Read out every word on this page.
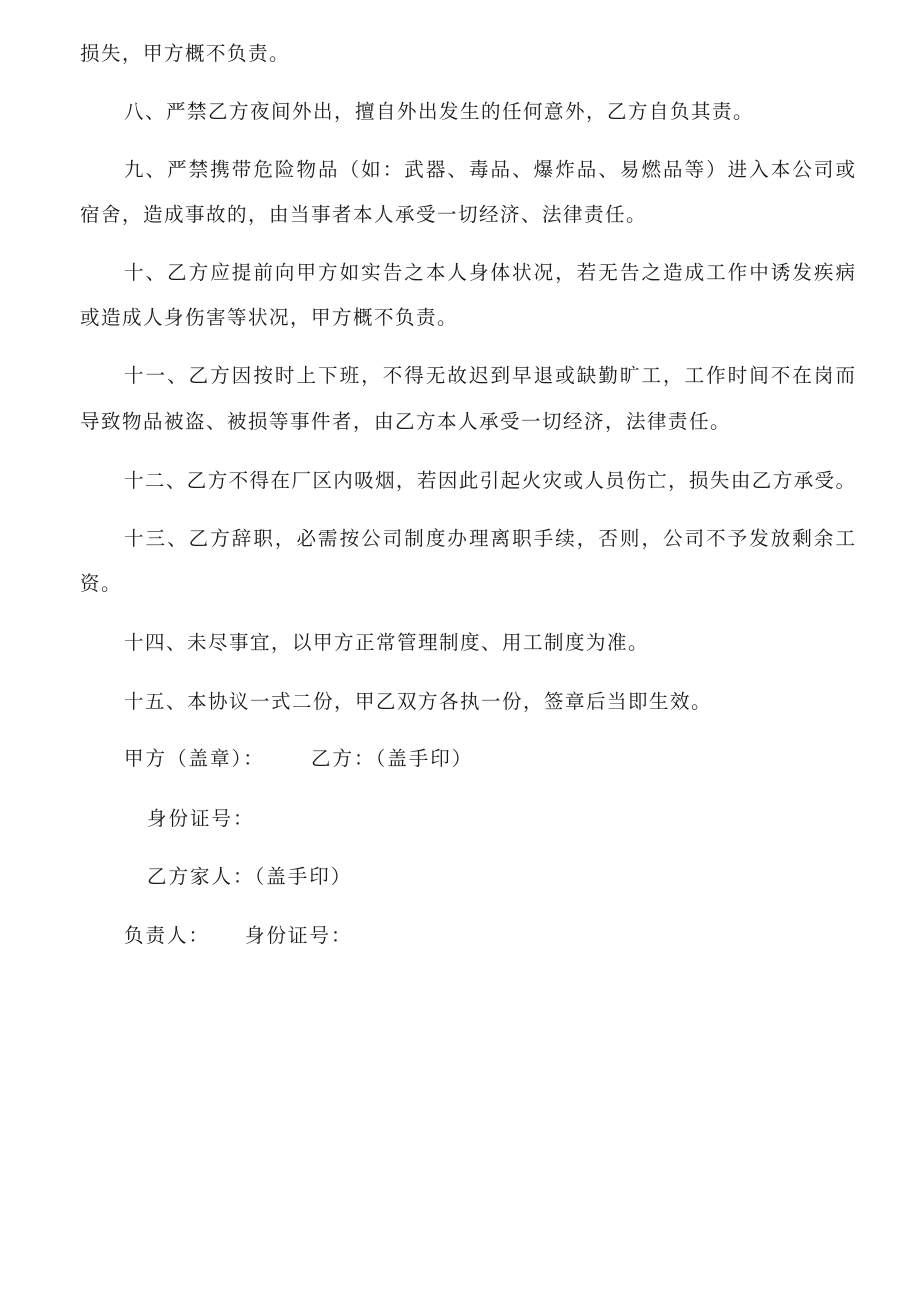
损失，甲方概不负责。
八、严禁乙方夜间外出，擅自外出发生的任何意外，乙方自负其责。
九、严禁携带危险物品（如：武器、毒品、爆炸品、易燃品等）进入本公司或
宿舍，造成事故的，由当事者本人承受一切经济、法律责任。
十、乙方应提前向甲方如实告之本人身体状况，若无告之造成工作中诱发疾病
或造成人身伤害等状况，甲方概不负责。
十一、乙方因按时上下班，不得无故迟到早退或缺勤旷工，工作时间不在岗而
导致物品被盗、被损等事件者，由乙方本人承受一切经济，法律责任。
十二、乙方不得在厂区内吸烟，若因此引起火灾或人员伤亡，损失由乙方承受。
十三、乙方辞职，必需按公司制度办理离职手续，否则，公司不予发放剩余工
资。
十四、未尽事宜，以甲方正常管理制度、用工制度为准。
十五、本协议一式二份，甲乙双方各执一份，签章后当即生效。
甲方（盖章）： 乙方：（盖手印）
身份证号：
乙方家人：（盖手印）
负责人： 身份证号：
